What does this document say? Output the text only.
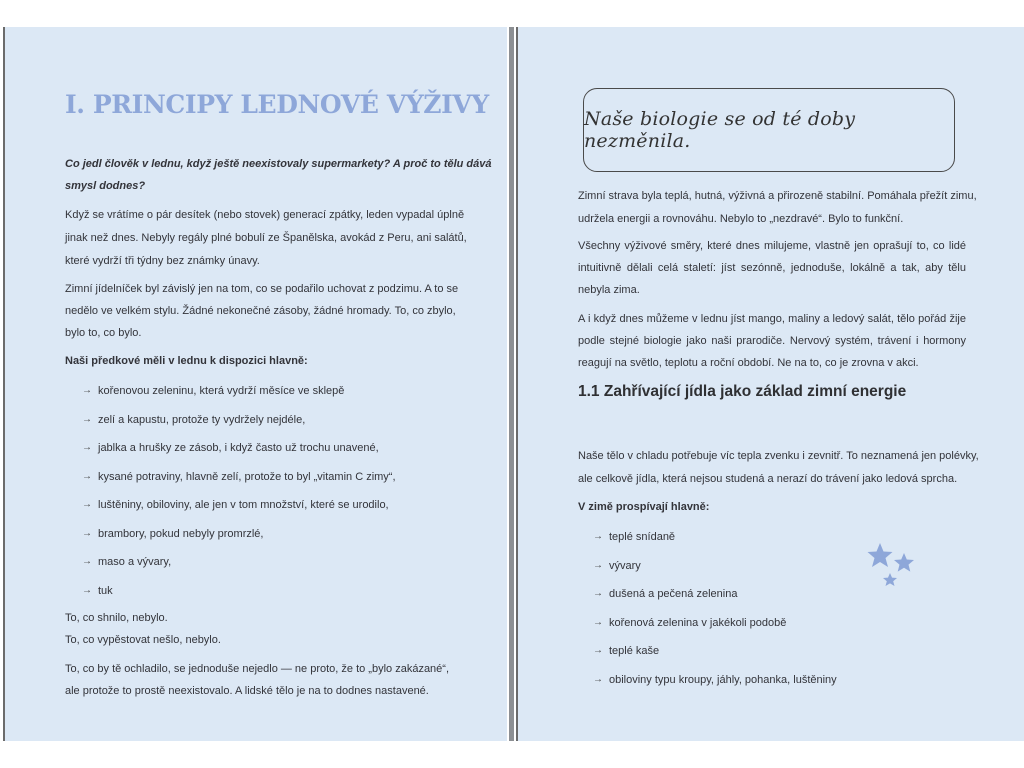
I. PRINCIPY LEDNOVÉ VÝŽIVY

Co jedl člověk v lednu, když ještě neexistovaly supermarkety? A proč to tělu dává

smysl dodnes?

Když se vrátíme o pár desítek (nebo stovek) generací zpátky, leden vypadal úplně

jinak než dnes. Nebyly regály plné bobulí ze Španělska, avokád z Peru, ani salátů,

které vydrží tři týdny bez známky únavy.

Zimní jídelníček byl závislý jen na tom, co se podařilo uchovat z podzimu. A to se

nedělo ve velkém stylu. Žádné nekonečné zásoby, žádné hromady. To, co zbylo,

bylo to, co bylo.

Naši předkové měli v lednu k dispozici hlavně:

→ kořenovou zeleninu, která vydrží měsíce ve sklepě
→ zelí a kapustu, protože ty vydržely nejdéle,
→ jablka a hrušky ze zásob, i když často už trochu unavené,
→ kysané potraviny, hlavně zelí, protože to byl „vitamin C zimy“,
→ luštěniny, obiloviny, ale jen v tom množství, které se urodilo,
→ brambory, pokud nebyly promrzlé,
→ maso a vývary,
→ tuk

To, co shnilo, nebylo.

To, co vypěstovat nešlo, nebylo.

To, co by tě ochladilo, se jednoduše nejedlo — ne proto, že to „bylo zakázané“,

ale protože to prostě neexistovalo. A lidské tělo je na to dodnes nastavené.

Naše biologie se od té doby nezměnila.

Zimní strava byla teplá, hutná, výživná a přirozeně stabilní. Pomáhala přežít zimu,

udržela energii a rovnováhu. Nebylo to „nezdravé“. Bylo to funkční.

Všechny výživové směry, které dnes milujeme, vlastně jen oprašují to, co lidé intuitivně dělali celá staletí: jíst sezónně, jednoduše, lokálně a tak, aby tělu nebyla zima.

A i když dnes můžeme v lednu jíst mango, maliny a ledový salát, tělo pořád žije podle stejné biologie jako naši prarodiče. Nervový systém, trávení i hormony reagují na světlo, teplotu a roční období. Ne na to, co je zrovna v akci.

1.1 Zahřívající jídla jako základ zimní energie

Naše tělo v chladu potřebuje víc tepla zvenku i zevnitř. To neznamená jen polévky,

ale celkově jídla, která nejsou studená a nerazí do trávení jako ledová sprcha.

V zimě prospívají hlavně:

→ teplé snídaně
→ vývary
→ dušená a pečená zelenina
→ kořenová zelenina v jakékoli podobě
→ teplé kaše
→ obiloviny typu kroupy, jáhly, pohanka, luštěniny
